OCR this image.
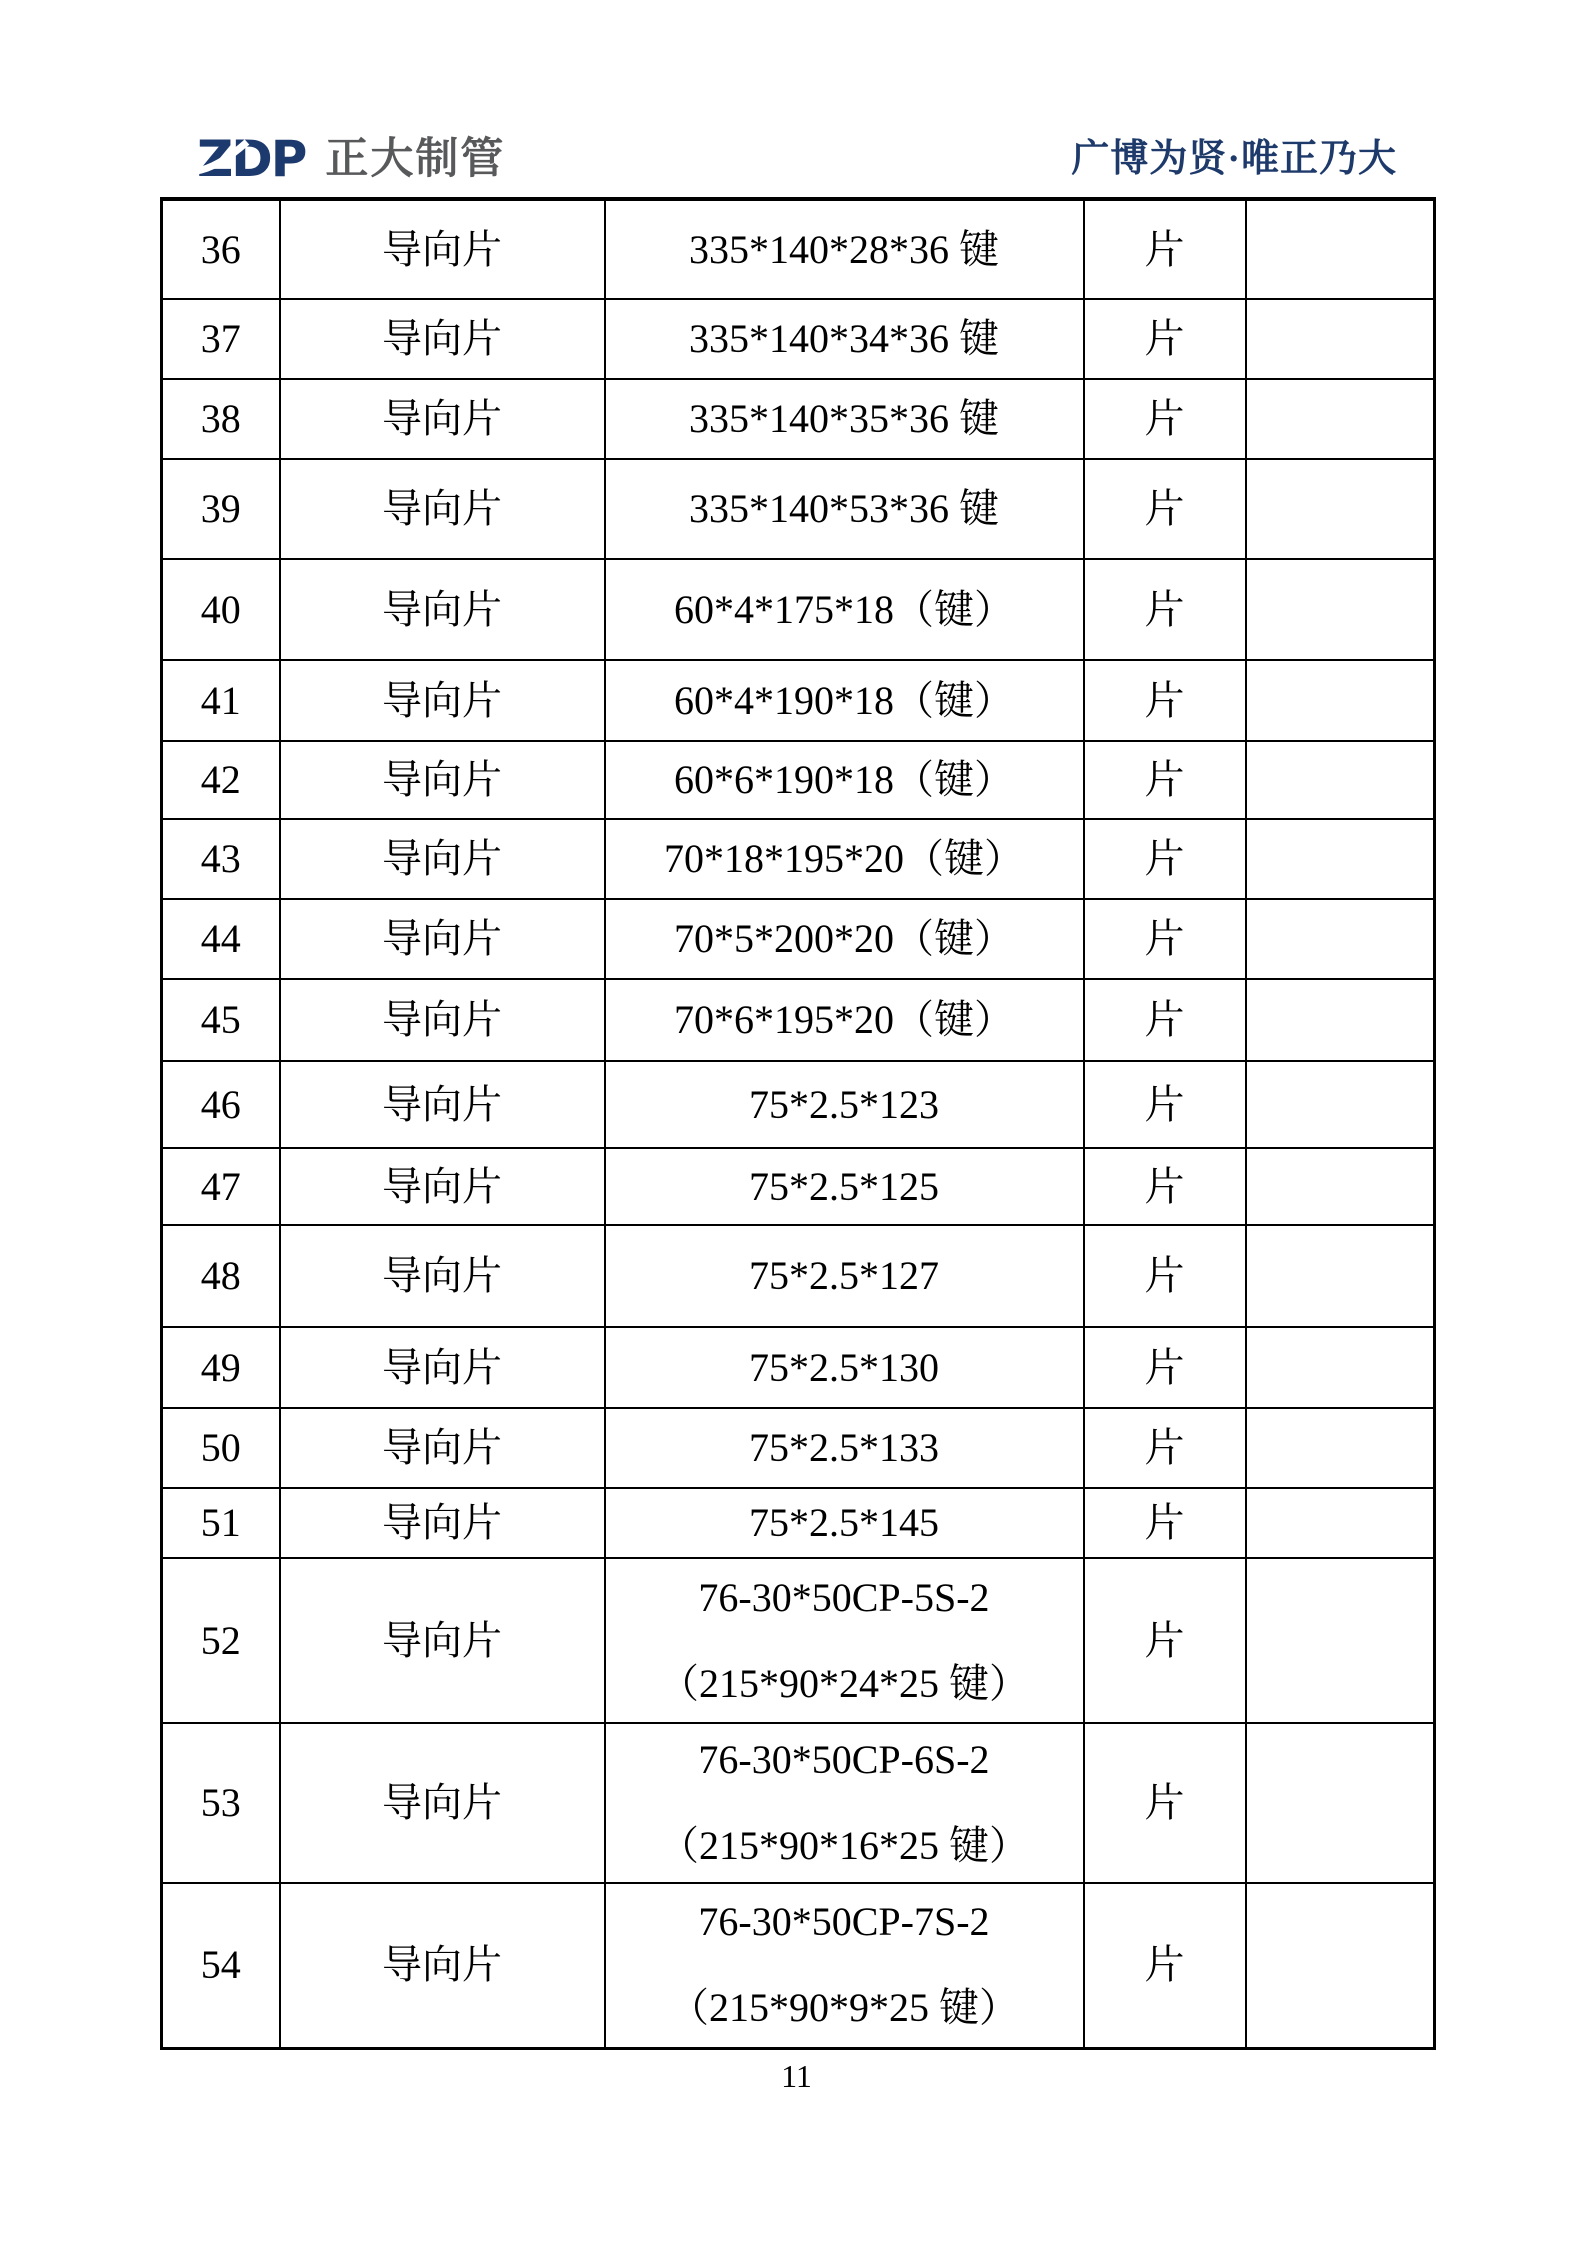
ZDP 正大制管	广博为贤·唯正乃大
36	导向片	335*140*28*36 键	片	
37	导向片	335*140*34*36 键	片	
38	导向片	335*140*35*36 键	片	
39	导向片	335*140*53*36 键	片	
40	导向片	60*4*175*18（键）	片	
41	导向片	60*4*190*18（键）	片	
42	导向片	60*6*190*18（键）	片	
43	导向片	70*18*195*20（键）	片	
44	导向片	70*5*200*20（键）	片	
45	导向片	70*6*195*20（键）	片	
46	导向片	75*2.5*123	片	
47	导向片	75*2.5*125	片	
48	导向片	75*2.5*127	片	
49	导向片	75*2.5*130	片	
50	导向片	75*2.5*133	片	
51	导向片	75*2.5*145	片	
52	导向片	76-30*50CP-5S-2
（215*90*24*25 键）	片	
53	导向片	76-30*50CP-6S-2
（215*90*16*25 键）	片	
54	导向片	76-30*50CP-7S-2
（215*90*9*25 键）	片	
11
